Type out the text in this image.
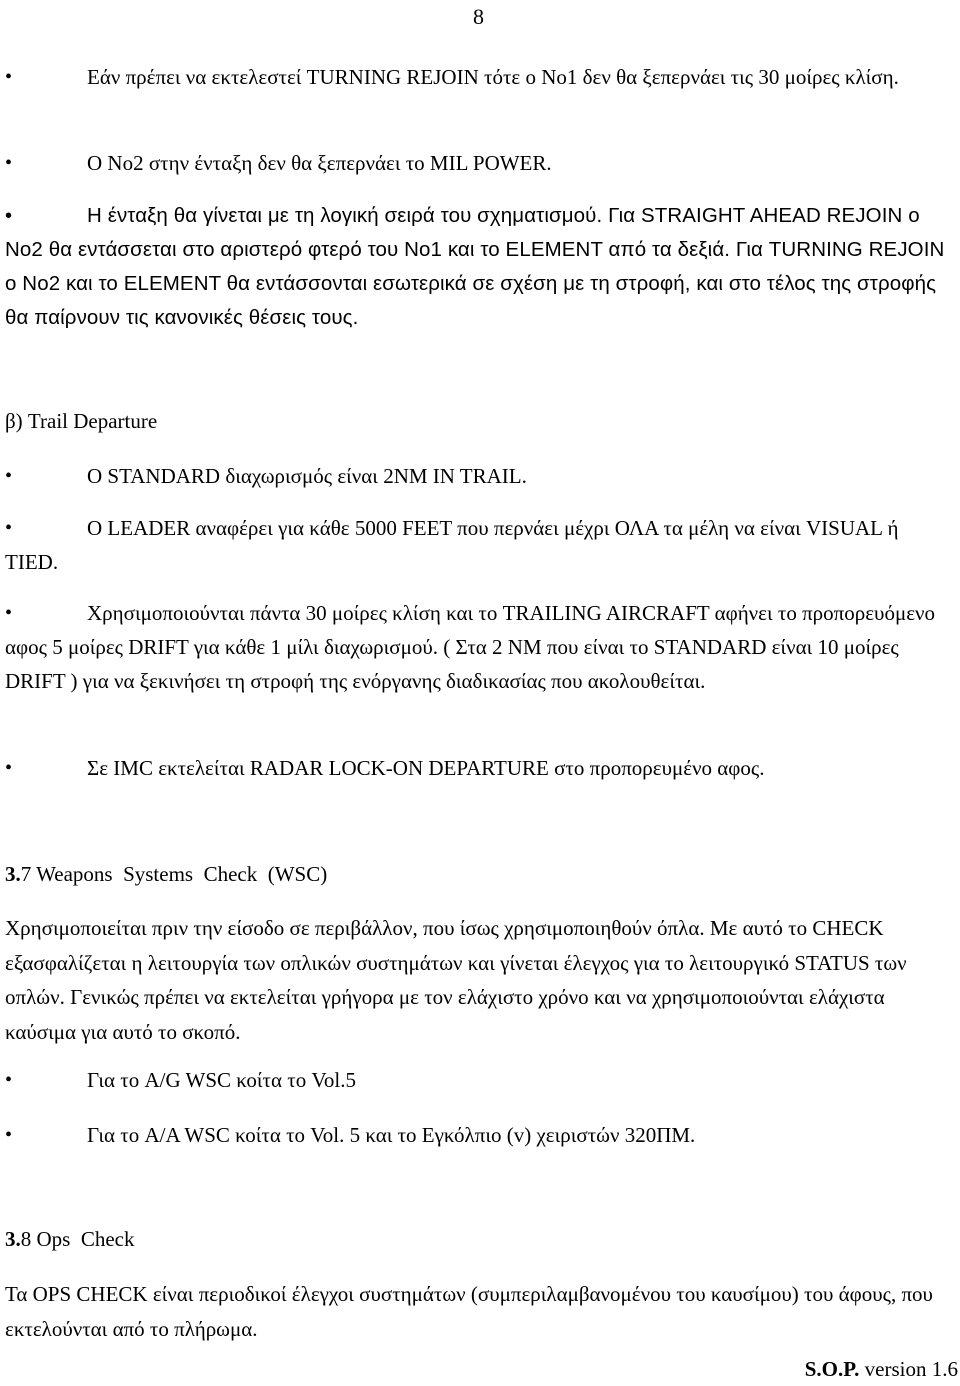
8
•	Εάν πρέπει να εκτελεστεί TURNING REJOIN τότε ο No1 δεν θα ξεπερνάει τις 30 μοίρες κλίση.
•	Ο No2 στην ένταξη δεν θα ξεπερνάει το MIL POWER.
•	Η ένταξη θα γίνεται με τη λογική σειρά του σχηματισμού. Για STRAIGHT AHEAD REJOIN ο No2 θα εντάσσεται στο αριστερό φτερό του No1 και το ELEMENT από τα δεξιά. Για TURNING REJOIN ο No2 και το ELEMENT θα εντάσσονται εσωτερικά σε σχέση με τη στροφή, και στο τέλος της στροφής θα παίρνουν τις κανονικές θέσεις τους.
β) Trail Departure
•	Ο STANDARD διαχωρισμός είναι 2NM IN TRAIL.
•	Ο LEADER αναφέρει για κάθε 5000 FEET που περνάει μέχρι ΟΛΑ τα μέλη να είναι VISUAL ή TIED.
•	Χρησιμοποιούνται πάντα 30 μοίρες κλίση και το TRAILING AIRCRAFT αφήνει το προπορευόμενο αφος 5 μοίρες DRIFT για κάθε 1 μίλι διαχωρισμού. ( Στα 2 NM που είναι το STANDARD είναι 10 μοίρες DRIFT ) για να ξεκινήσει τη στροφή της ενόργανης διαδικασίας που ακολουθείται.
•	Σε IMC εκτελείται RADAR LOCK-ON DEPARTURE στο προπορευμένο αφος.
3.7 Weapons  Systems  Check  (WSC)
Χρησιμοποιείται πριν την είσοδο σε περιβάλλον, που ίσως χρησιμοποιηθούν όπλα. Με αυτό το CHECK εξασφαλίζεται η λειτουργία των οπλικών συστημάτων και γίνεται έλεγχος για το λειτουργικό STATUS των οπλών. Γενικώς πρέπει να εκτελείται γρήγορα με τον ελάχιστο χρόνο και να χρησιμοποιούνται ελάχιστα καύσιμα για αυτό το σκοπό.
•	Για το A/G WSC κοίτα το Vol.5
•	Για το A/A WSC κοίτα το Vol. 5 και το Εγκόλπιο (v) χειριστών 320ΠΜ.
3.8 Ops  Check
Τα OPS CHECK είναι περιοδικοί έλεγχοι συστημάτων (συμπεριλαμβανομένου του καυσίμου) του άφους, που εκτελούνται από το πλήρωμα.
S.O.P. version 1.6
